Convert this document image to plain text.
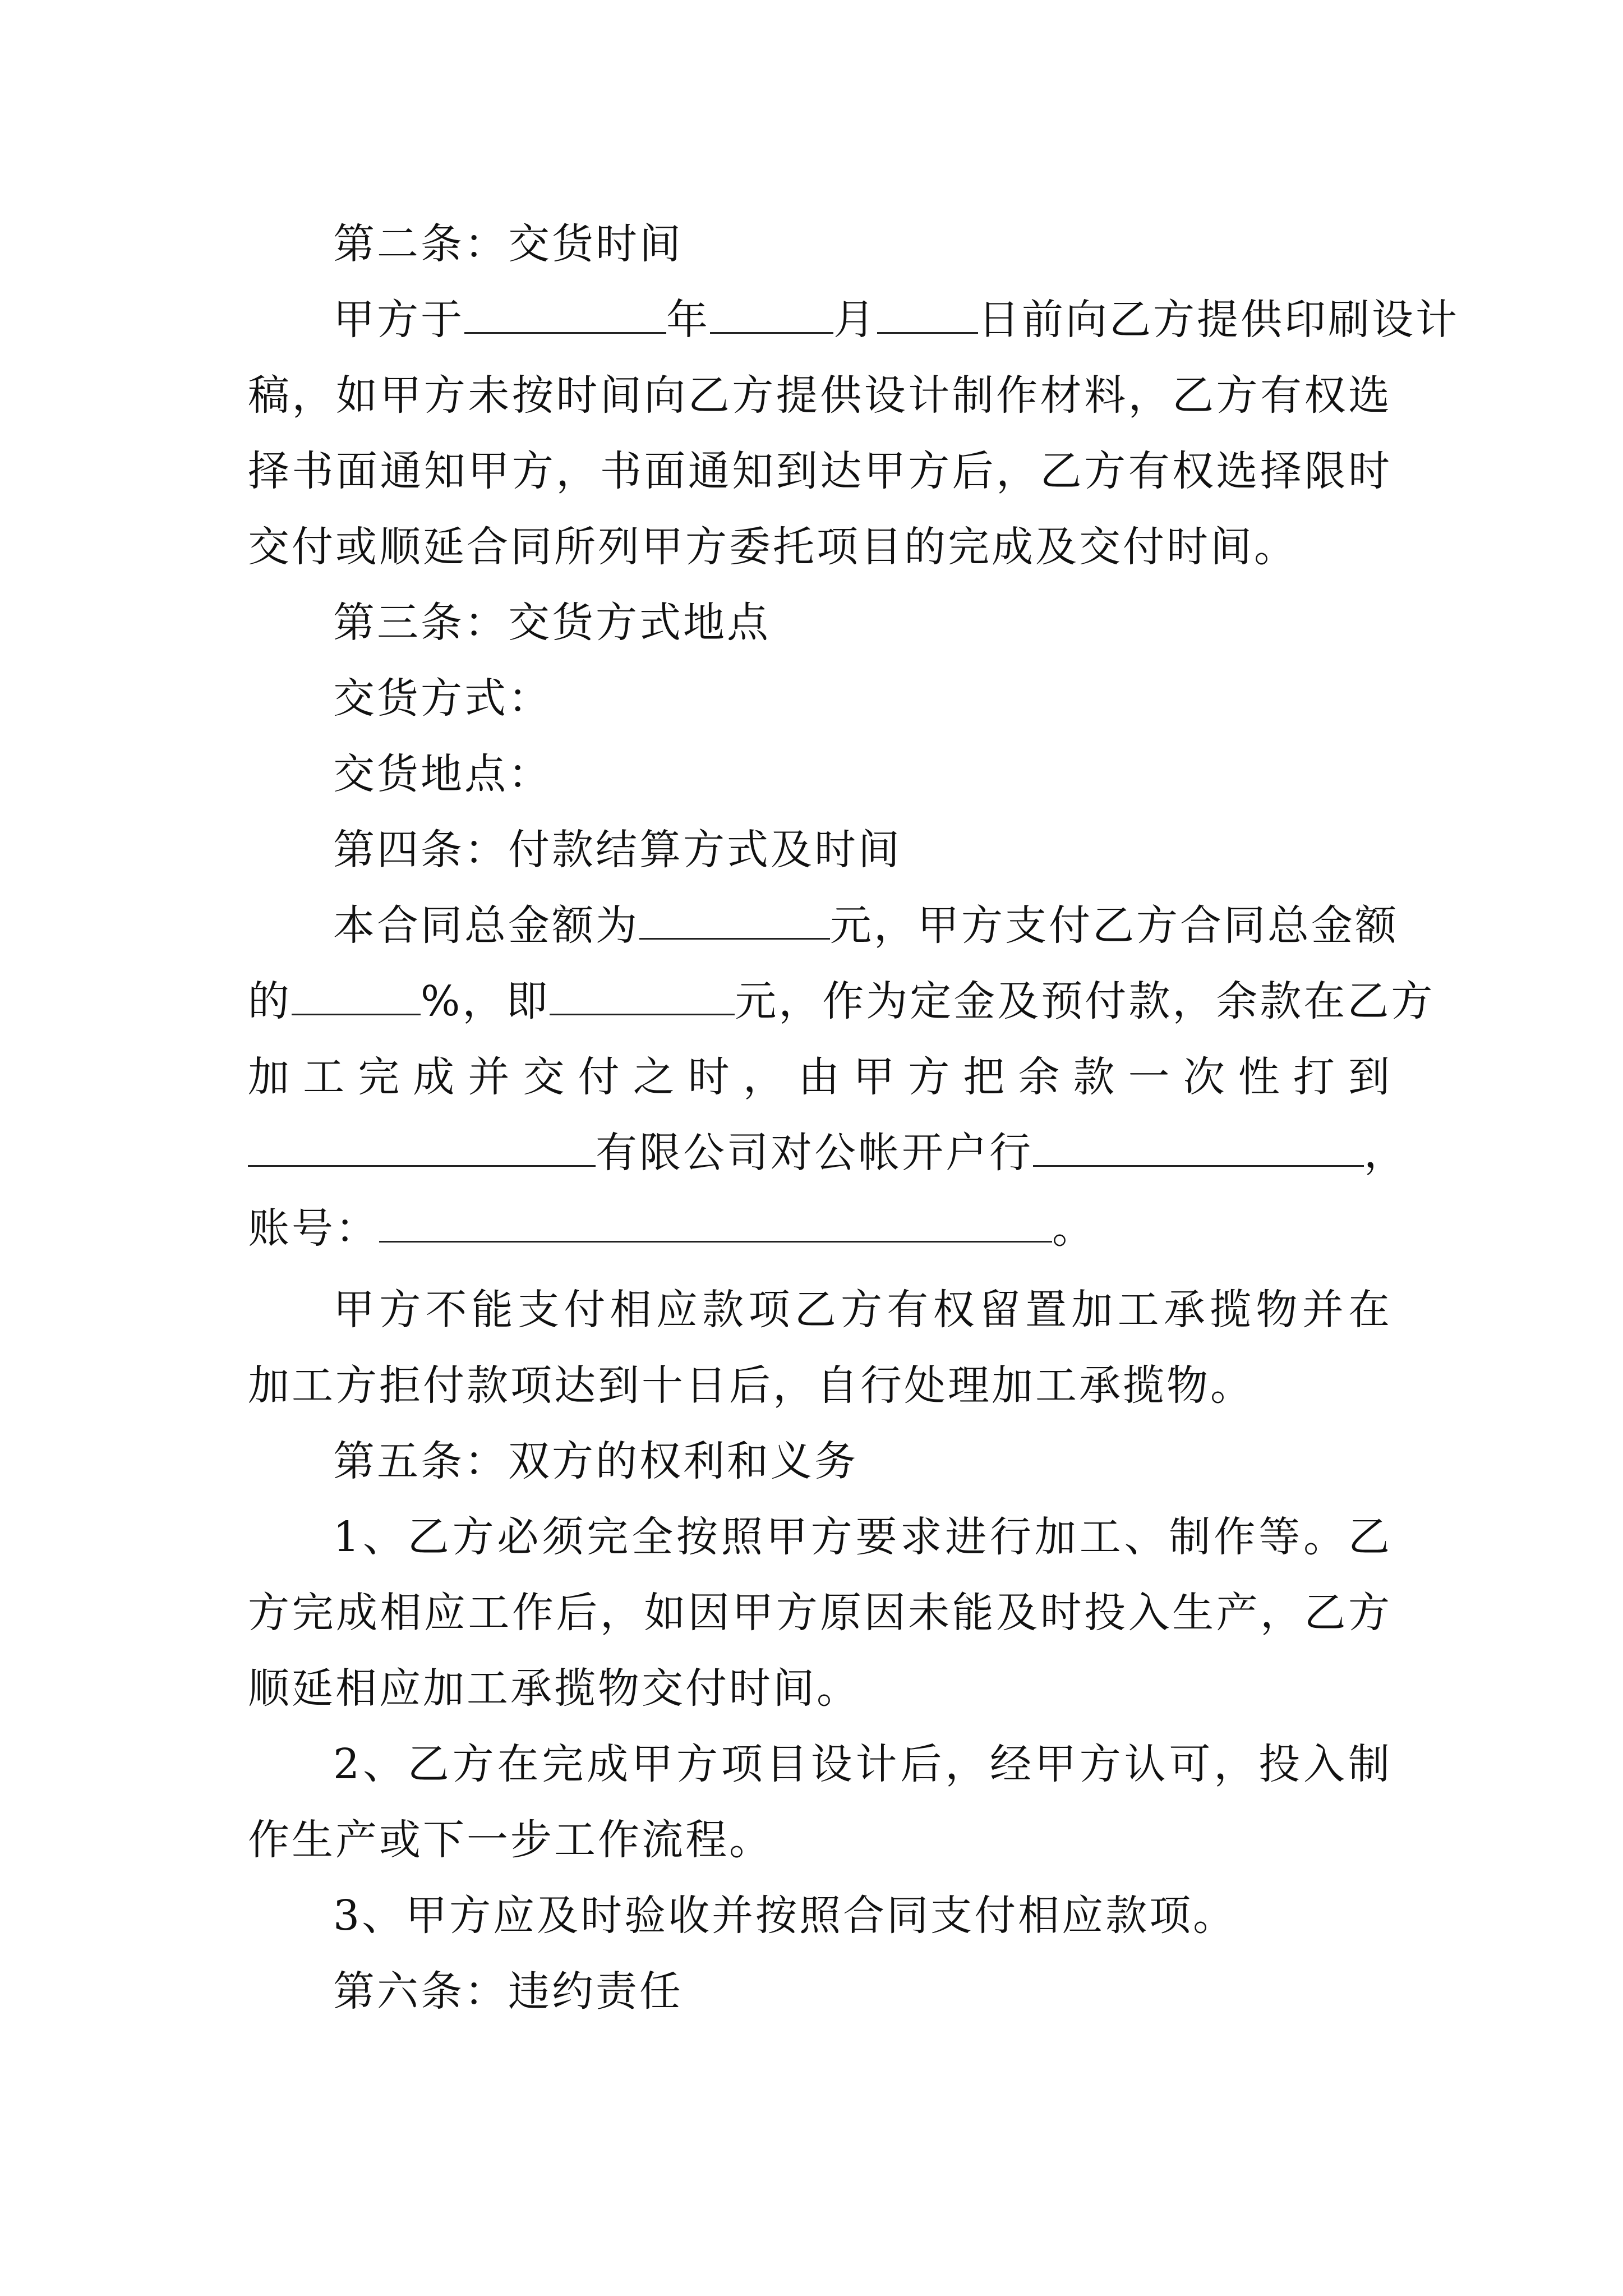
第二条：交货时间
甲方于	年	月 日前向乙方提供印刷设计
稿，如甲方未按时间向乙方提供设计制作材料，乙方有权选
择书面通知甲方，书面通知到达甲方后，乙方有权选择限时
交付或顺延合同所列甲方委托项目的完成及交付时间。
第三条：交货方式地点
交货方式：
交货地点：
第四条：付款结算方式及时间
本合同总金额为	元，甲方支付乙方合同总金额
的	%，即	元，作为定金及预付款，余款在乙方
加工完成并交付之时，由甲方把余款一次性打到
有限公司对公帐开户行	，
账号：	。
甲方不能支付相应款项乙方有权留置加工承揽物并在
加工方拒付款项达到十日后，自行处理加工承揽物。
第五条：双方的权利和义务
1、乙方必须完全按照甲方要求进行加工、制作等。乙
方完成相应工作后，如因甲方原因未能及时投入生产，乙方
顺延相应加工承揽物交付时间。
2、乙方在完成甲方项目设计后，经甲方认可，投入制
作生产或下一步工作流程。
3、甲方应及时验收并按照合同支付相应款项。
第六条：违约责任
